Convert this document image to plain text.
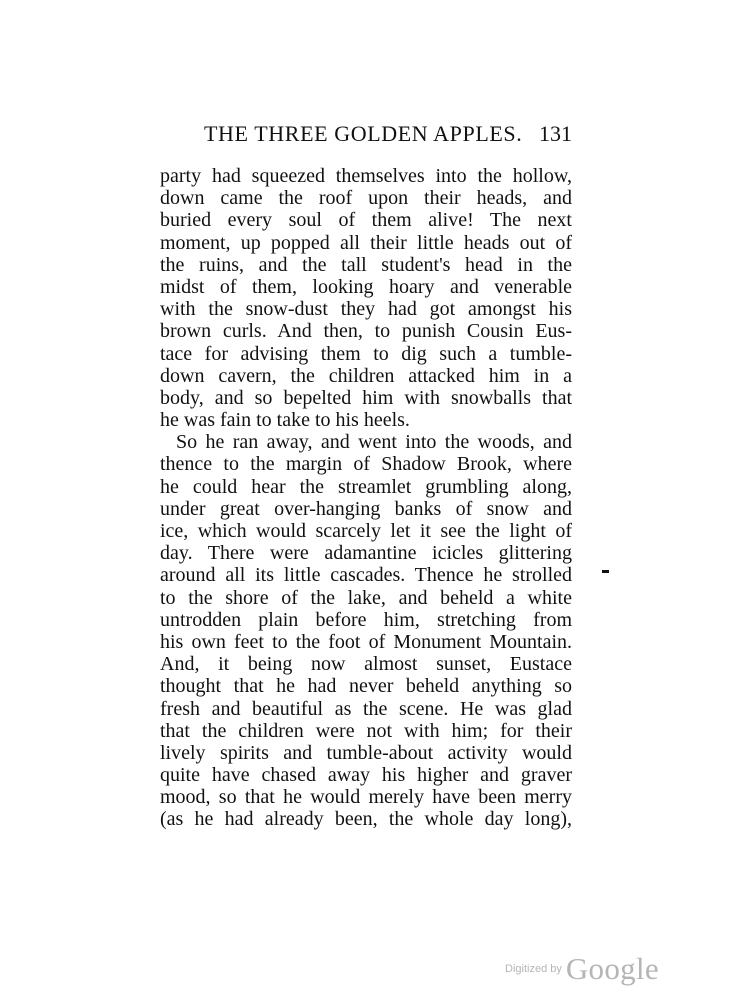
THE THREE GOLDEN APPLES. 131
party had squeezed themselves into the hollow,
down came the roof upon their heads, and
buried every soul of them alive! The next
moment, up popped all their little heads out of
the ruins, and the tall student's head in the
midst of them, looking hoary and venerable
with the snow-dust they had got amongst his
brown curls. And then, to punish Cousin Eus-
tace for advising them to dig such a tumble-
down cavern, the children attacked him in a
body, and so bepelted him with snowballs that
he was fain to take to his heels.
So he ran away, and went into the woods, and
thence to the margin of Shadow Brook, where
he could hear the streamlet grumbling along,
under great over-hanging banks of snow and
ice, which would scarcely let it see the light of
day. There were adamantine icicles glittering
around all its little cascades. Thence he strolled
to the shore of the lake, and beheld a white
untrodden plain before him, stretching from
his own feet to the foot of Monument Mountain.
And, it being now almost sunset, Eustace
thought that he had never beheld anything so
fresh and beautiful as the scene. He was glad
that the children were not with him; for their
lively spirits and tumble-about activity would
quite have chased away his higher and graver
mood, so that he would merely have been merry
(as he had already been, the whole day long),
Digitized by Google
